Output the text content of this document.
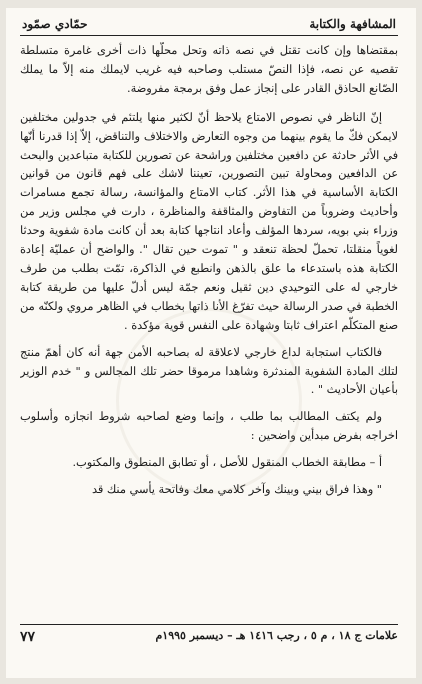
المشافهة والكتابة
حمّادي صمّود

بمقتضاها وإن كانت تقتل في نصه ذاته وتحل محلّها ذات أخرى غامرة متسلطة تقصيه عن نصه، فإذا النصّ مستلب وصاحبه فيه غريب لايملك منه إلاّ ما يملك الصّانع الحاذق القادر على إنجاز عمل وفق برمجة مفروضة.

إنّ الناظر في نصوص الامتاع يلاحظ أنّ لكثير منها يلتئم في جدولين مختلفين لايمكن فكّ ما يقوم بينهما من وجوه التعارض والاختلاف والتناقض، إلاّ إذا قدرنا أنّها في الأثر حادثة عن دافعين مختلفين وراشحة عن تصورين للكتابة متباعدين والبحث عن الدافعين ومحاولة تبين التصورين، تعيننا لاشك على فهم قانون من قوانين الكتابة الأساسية في هذا الأثر. كتاب الامتاع والمؤانسة، رسالة تجمع مسامرات وأحاديث وضروباً من التفاوض والمثاقفة والمناظرة ، دارت في مجلس وزير من وزراء بني بويه، سردها المؤلف وأعاد انتاجها كتابة بعد أن كانت مادة شفوية وحدثا لغوياً منقلتا، تحملّ لحظة تنعقد و " تموت حين تقال ". والواضح أن عمليّة إعادة الكتابة هذه باستدعاء ما علق بالذهن وانطبع في الذاكرة، تمّت بطلب من طرف خارجي له على التوحيدي دين ثقيل ونعم جمّة ليس أدلّ عليها من طريقة كتابة الخطبة في صدر الرسالة حيث تفرّغ الأنا ذاتها بخطاب في الظاهر مروي ولكنّه من صنع المتكلّم اعتراف ثابتا وشهادة على النفس قوية مؤكدة .

فالكتاب استجابة لداع خارجي لاعلاقة له بصاحبه الأمن جهة أنه كان أهمّ منتج لتلك المادة الشفوية المندثرة وشاهدا مرموقا حضر تلك المجالس و " خدم الوزير بأعيان الأحاديث " .

ولم يكتف المطالب بما طلب ، وإنما وضع لصاحبه شروط انجازه وأسلوب اخراجه بفرض مبدأين واضحين :

أ – مطابقة الخطاب المنقول للأصل ، أو تطابق المنطوق والمكتوب.

" وهذا فراق بيني وبينك وآخر كلامي معك وفاتحة يأسي منك قد

علامات ج ١٨ ، م ٥ ، رجب ١٤١٦ هـ – ديسمبر ١٩٩٥م
٧٧
